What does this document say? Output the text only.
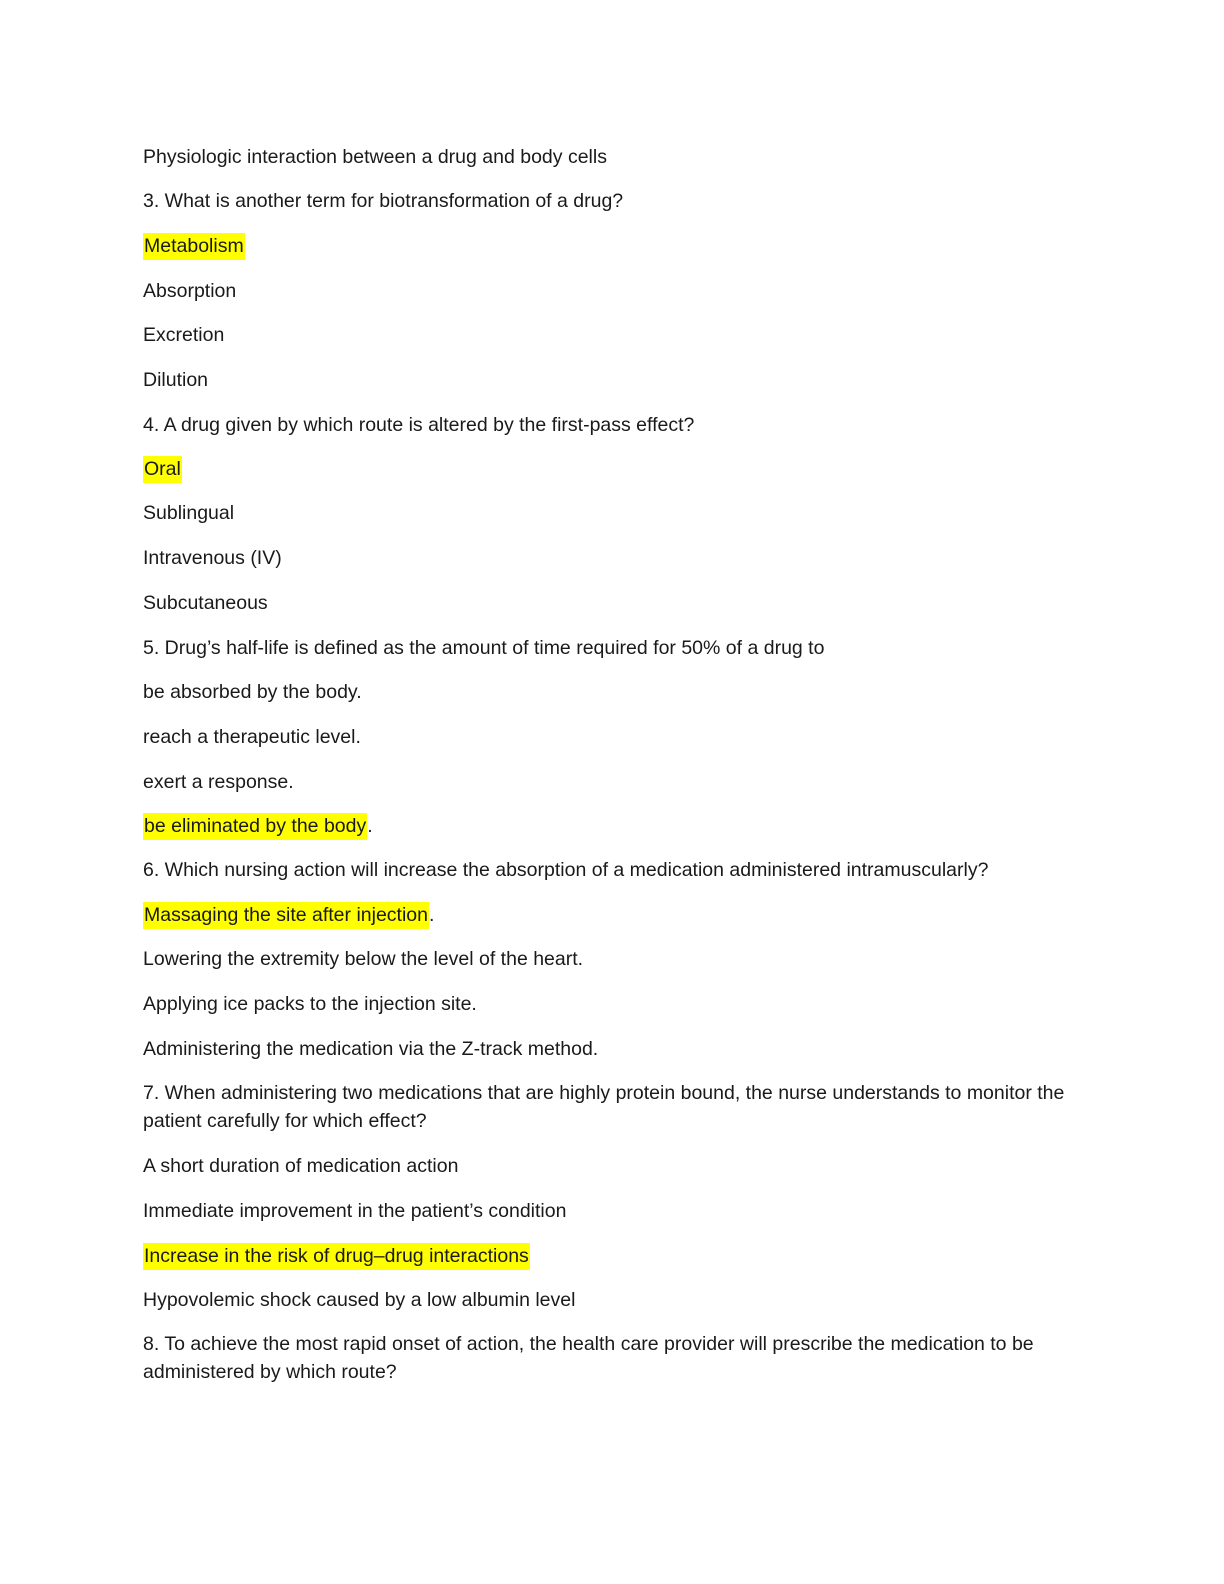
Physiologic interaction between a drug and body cells
3. What is another term for biotransformation of a drug?
Metabolism
Absorption
Excretion
Dilution
4. A drug given by which route is altered by the first-pass effect?
Oral
Sublingual
Intravenous (IV)
Subcutaneous
5. Drug’s half-life is defined as the amount of time required for 50% of a drug to
be absorbed by the body.
reach a therapeutic level.
exert a response.
be eliminated by the body.
6. Which nursing action will increase the absorption of a medication administered intramuscularly?
Massaging the site after injection.
Lowering the extremity below the level of the heart.
Applying ice packs to the injection site.
Administering the medication via the Z-track method.
7. When administering two medications that are highly protein bound, the nurse understands to monitor the patient carefully for which effect?
A short duration of medication action
Immediate improvement in the patient’s condition
Increase in the risk of drug–drug interactions
Hypovolemic shock caused by a low albumin level
8. To achieve the most rapid onset of action, the health care provider will prescribe the medication to be administered by which route?
